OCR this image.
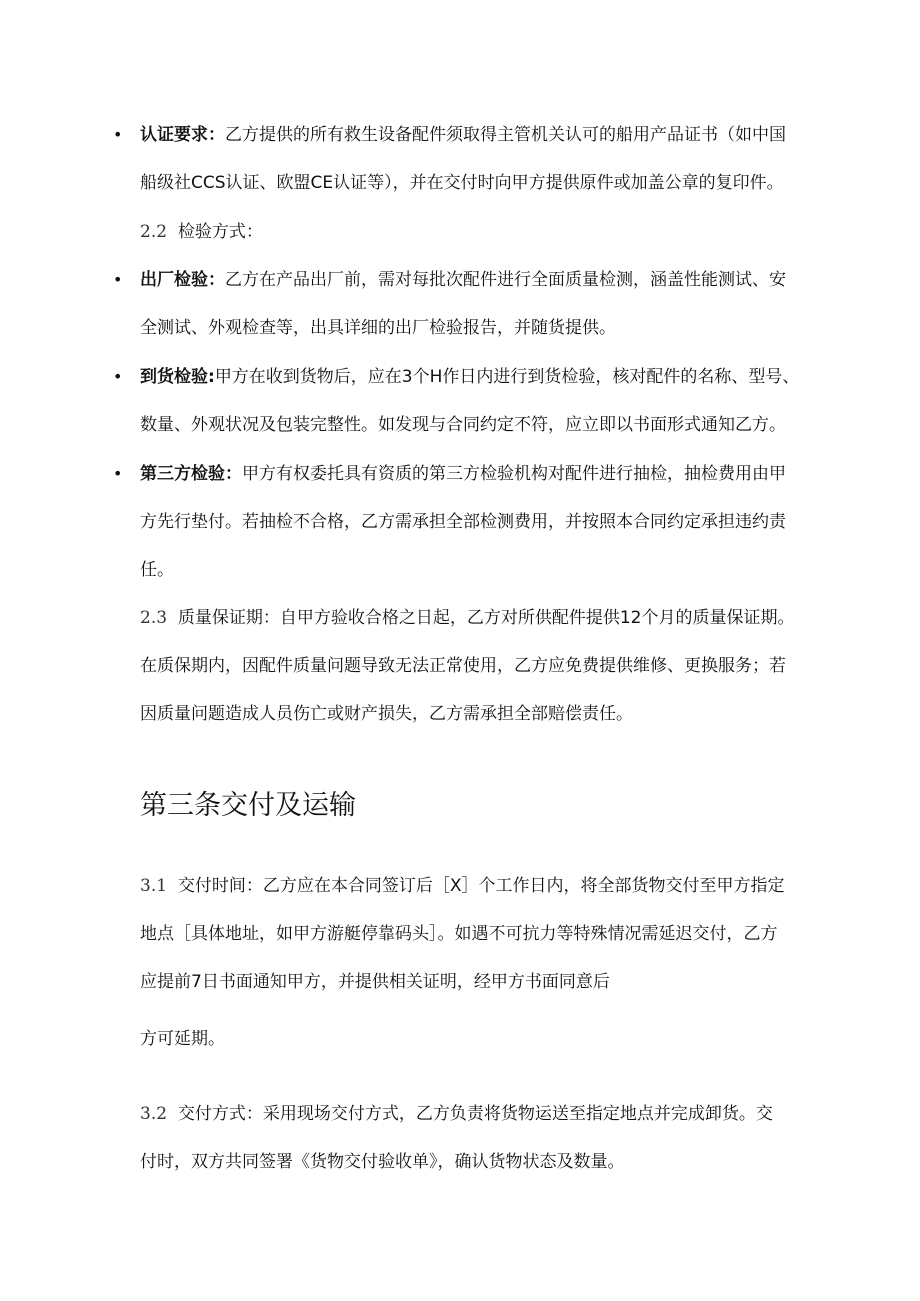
• 认证要求：乙方提供的所有救生设备配件须取得主管机关认可的船用产品证书（如中国
船级社CCS认证、欧盟CE认证等），并在交付时向甲方提供原件或加盖公章的复印件。
2.2 检验方式：
• 出厂检验：乙方在产品出厂前，需对每批次配件进行全面质量检测，涵盖性能测试、安
全测试、外观检查等，出具详细的出厂检验报告，并随货提供。
• 到货检验:甲方在收到货物后，应在3个H作日内进行到货检验，核对配件的名称、型号、
数量、外观状况及包装完整性。如发现与合同约定不符，应立即以书面形式通知乙方。
• 第三方检验：甲方有权委托具有资质的第三方检验机构对配件进行抽检，抽检费用由甲
方先行垫付。若抽检不合格，乙方需承担全部检测费用，并按照本合同约定承担违约责
任。
2.3 质量保证期：自甲方验收合格之日起，乙方对所供配件提供12个月的质量保证期。
在质保期内，因配件质量问题导致无法正常使用，乙方应免费提供维修、更换服务；若
因质量问题造成人员伤亡或财产损失，乙方需承担全部赔偿责任。
第三条交付及运输
3.1 交付时间：乙方应在本合同签订后［X］个工作日内，将全部货物交付至甲方指定
地点［具体地址，如甲方游艇停靠码头］。如遇不可抗力等特殊情况需延迟交付，乙方
应提前7日书面通知甲方，并提供相关证明，经甲方书面同意后
方可延期。
3.2 交付方式：采用现场交付方式，乙方负责将货物运送至指定地点并完成卸货。交
付时，双方共同签署《货物交付验收单》，确认货物状态及数量。
